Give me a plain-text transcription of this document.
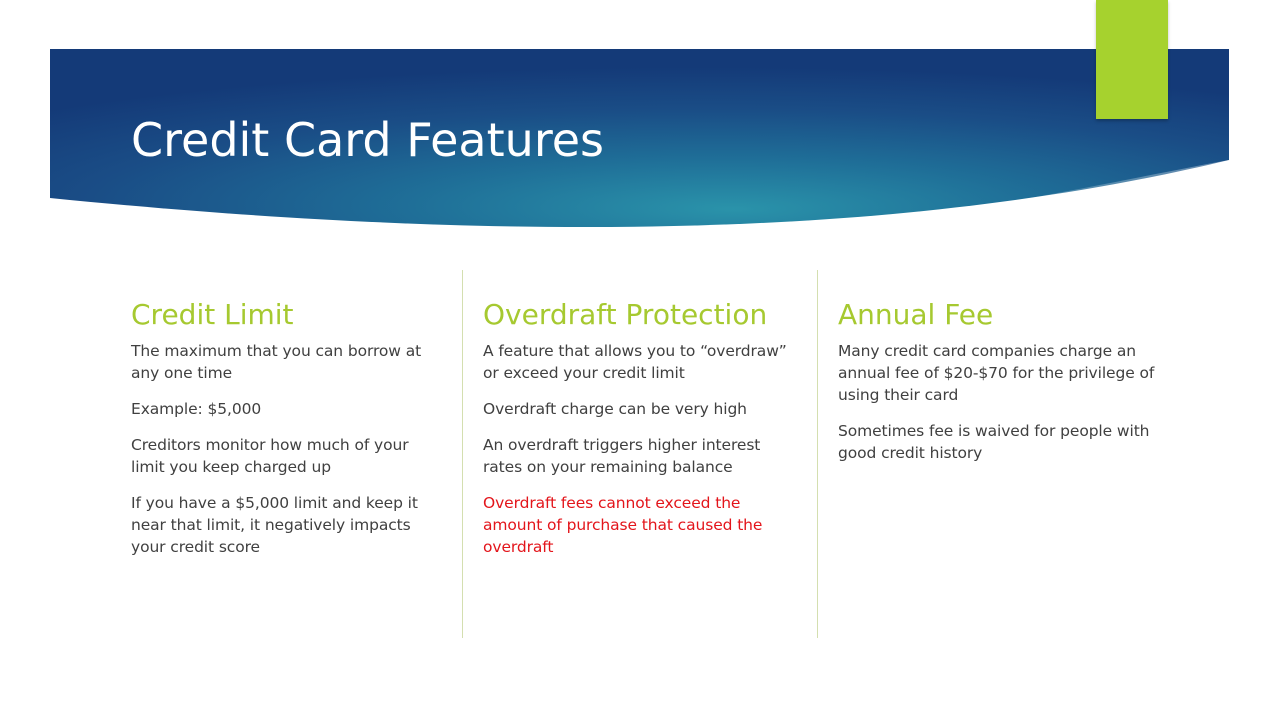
Credit Card Features
Credit Limit
The maximum that you can borrow at any one time
Example: $5,000
Creditors monitor how much of your limit you keep charged up
If you have a $5,000 limit and keep it near that limit, it negatively impacts your credit score
Overdraft Protection
A feature that allows you to “overdraw” or exceed your credit limit
Overdraft charge can be very high
An overdraft triggers higher interest rates on your remaining balance
Overdraft fees cannot exceed the amount of purchase that caused the overdraft
Annual Fee
Many credit card companies charge an annual fee of $20-$70 for the privilege of using their card
Sometimes fee is waived for people with good credit history
